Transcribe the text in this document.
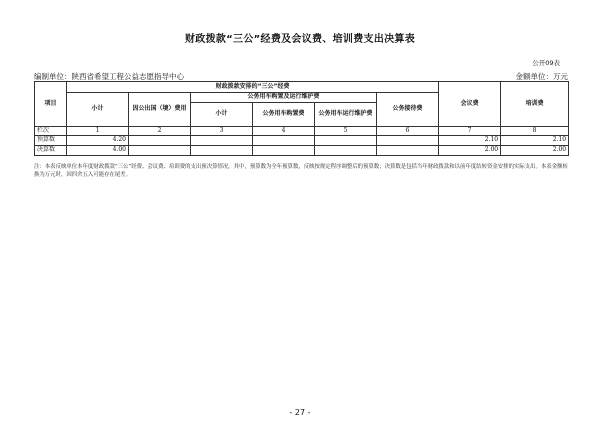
财政拨款“三公”经费及会议费、培训费支出决算表
公开09表
编制单位：陕西省希望工程公益志愿指导中心	金额单位：万元
项目	财政拨款安排的“三公”经费						会议费	培训费
	小计	因公出国（境）费用	公务用车购置及运行维护费			公务接待费		
			小计	公务用车购置费	公务用车运行维护费			
栏次	1	2	3	4	5	6	7	8
预算数	4.20						2.10	2.10
决算数	4.00						2.00	2.00
注：本表反映单位本年度财政拨款“三公”经费、会议费、培训费的支出预决算情况。其中，预算数为全年预算数，反映按规定程序调整后的预算数；决算数是包括当年财政拨款和以前年度结转资金安排的实际支出。本表金额转换为万元时，因四舍五入可能存在尾差。
- 27 -
